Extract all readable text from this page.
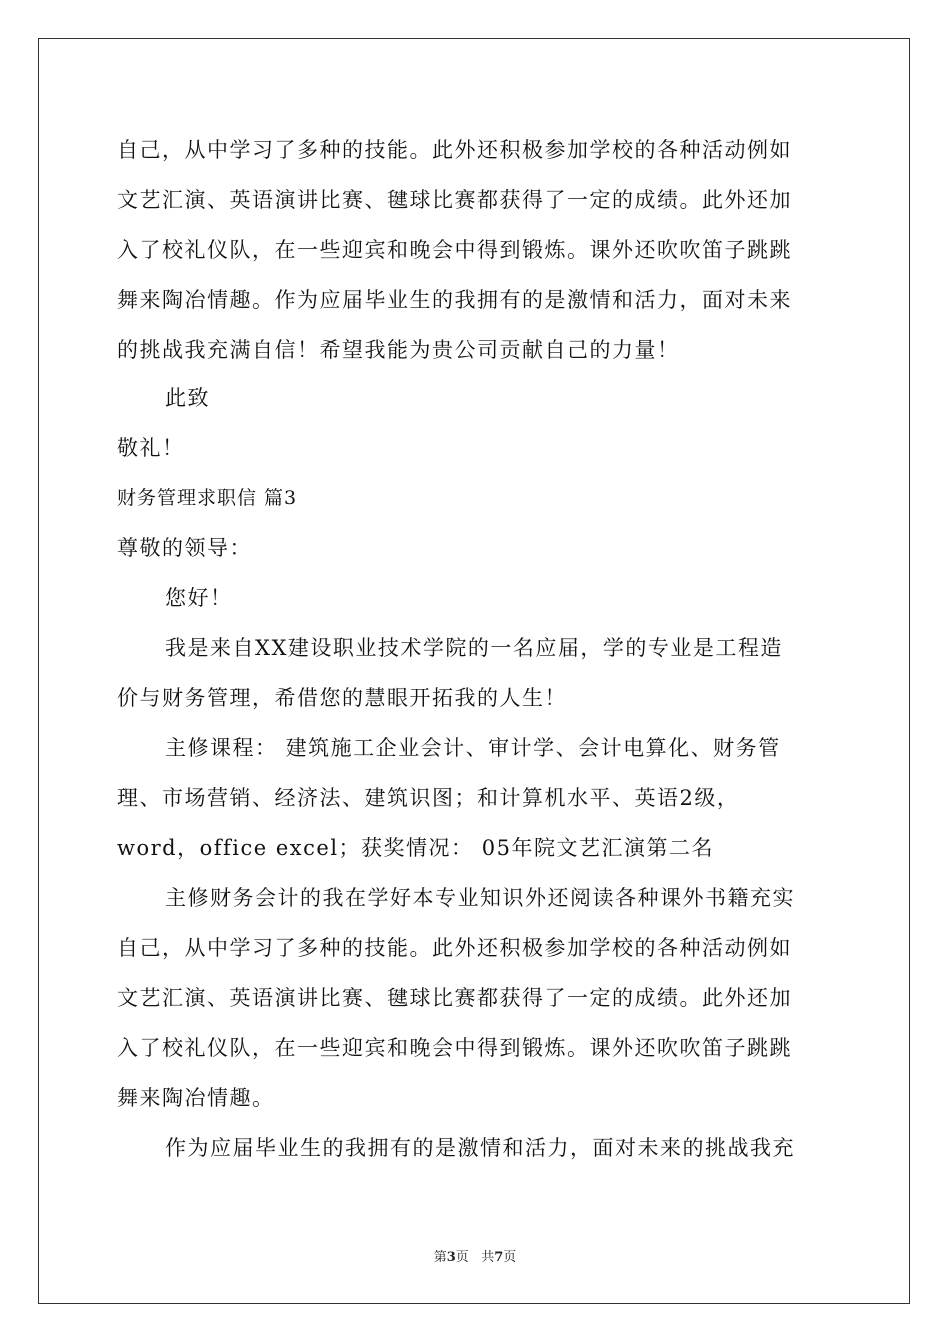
自己，从中学习了多种的技能。此外还积极参加学校的各种活动例如
文艺汇演、英语演讲比赛、毽球比赛都获得了一定的成绩。此外还加
入了校礼仪队，在一些迎宾和晚会中得到锻炼。课外还吹吹笛子跳跳
舞来陶冶情趣。作为应届毕业生的我拥有的是激情和活力，面对未来
的挑战我充满自信！希望我能为贵公司贡献自己的力量！
此致
敬礼！
财务管理求职信 篇3
尊敬的领导：
您好！
我是来自XX建设职业技术学院的一名应届，学的专业是工程造
价与财务管理，希借您的慧眼开拓我的人生！
主修课程： 建筑施工企业会计、审计学、会计电算化、财务管
理、市场营销、经济法、建筑识图；和计算机水平、英语2级，
word，office excel；获奖情况： 05年院文艺汇演第二名
主修财务会计的我在学好本专业知识外还阅读各种课外书籍充实
自己，从中学习了多种的技能。此外还积极参加学校的各种活动例如
文艺汇演、英语演讲比赛、毽球比赛都获得了一定的成绩。此外还加
入了校礼仪队，在一些迎宾和晚会中得到锻炼。课外还吹吹笛子跳跳
舞来陶冶情趣。
作为应届毕业生的我拥有的是激情和活力，面对未来的挑战我充
第3页 共7页
